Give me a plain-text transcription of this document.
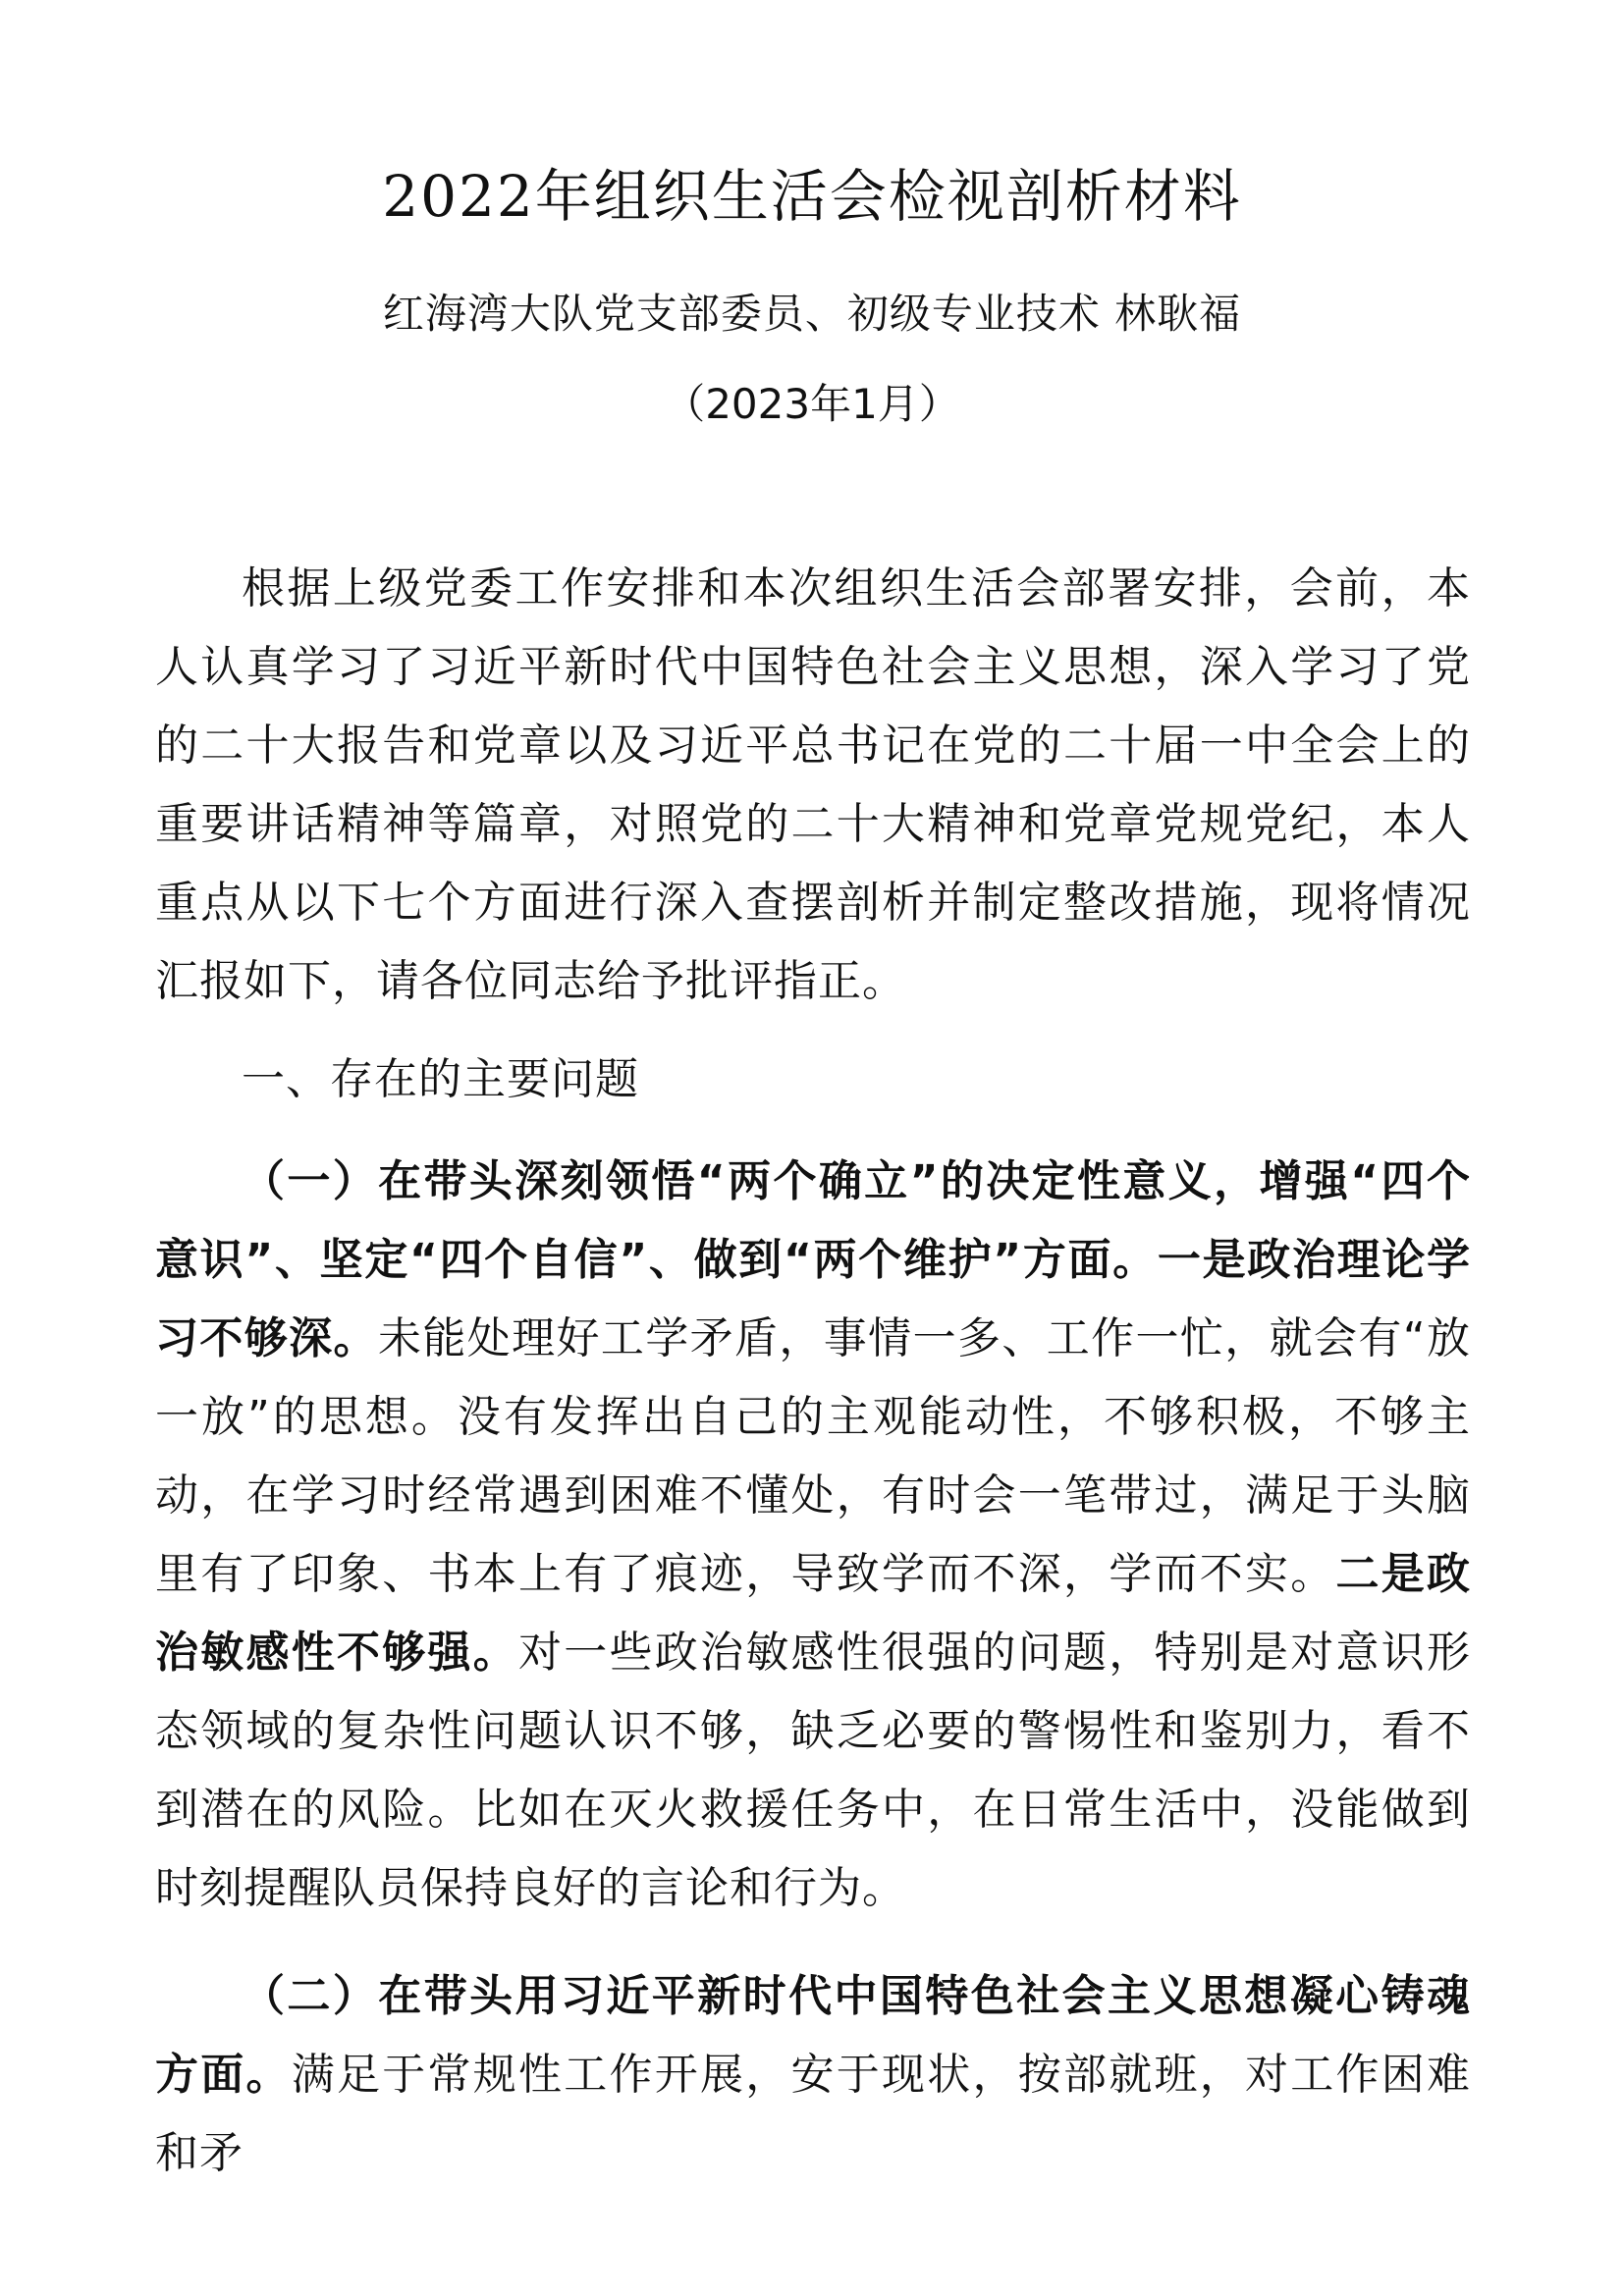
2022年组织生活会检视剖析材料
红海湾大队党支部委员、初级专业技术 林耿福
（2023年1月）

根据上级党委工作安排和本次组织生活会部署安排，会前，本人认真学习了习近平新时代中国特色社会主义思想，深入学习了党的二十大报告和党章以及习近平总书记在党的二十届一中全会上的重要讲话精神等篇章，对照党的二十大精神和党章党规党纪，本人重点从以下七个方面进行深入查摆剖析并制定整改措施，现将情况汇报如下，请各位同志给予批评指正。

一、存在的主要问题

（一）在带头深刻领悟“两个确立”的决定性意义，增强“四个意识”、坚定“四个自信”、做到“两个维护”方面。一是政治理论学习不够深。未能处理好工学矛盾，事情一多、工作一忙，就会有“放一放”的思想。没有发挥出自己的主观能动性，不够积极，不够主动，在学习时经常遇到困难不懂处，有时会一笔带过，满足于头脑里有了印象、书本上有了痕迹，导致学而不深，学而不实。二是政治敏感性不够强。对一些政治敏感性很强的问题，特别是对意识形态领域的复杂性问题认识不够，缺乏必要的警惕性和鉴别力，看不到潜在的风险。比如在灭火救援任务中，在日常生活中，没能做到时刻提醒队员保持良好的言论和行为。

（二）在带头用习近平新时代中国特色社会主义思想凝心铸魂方面。满足于常规性工作开展，安于现状，按部就班，对工作困难和矛
